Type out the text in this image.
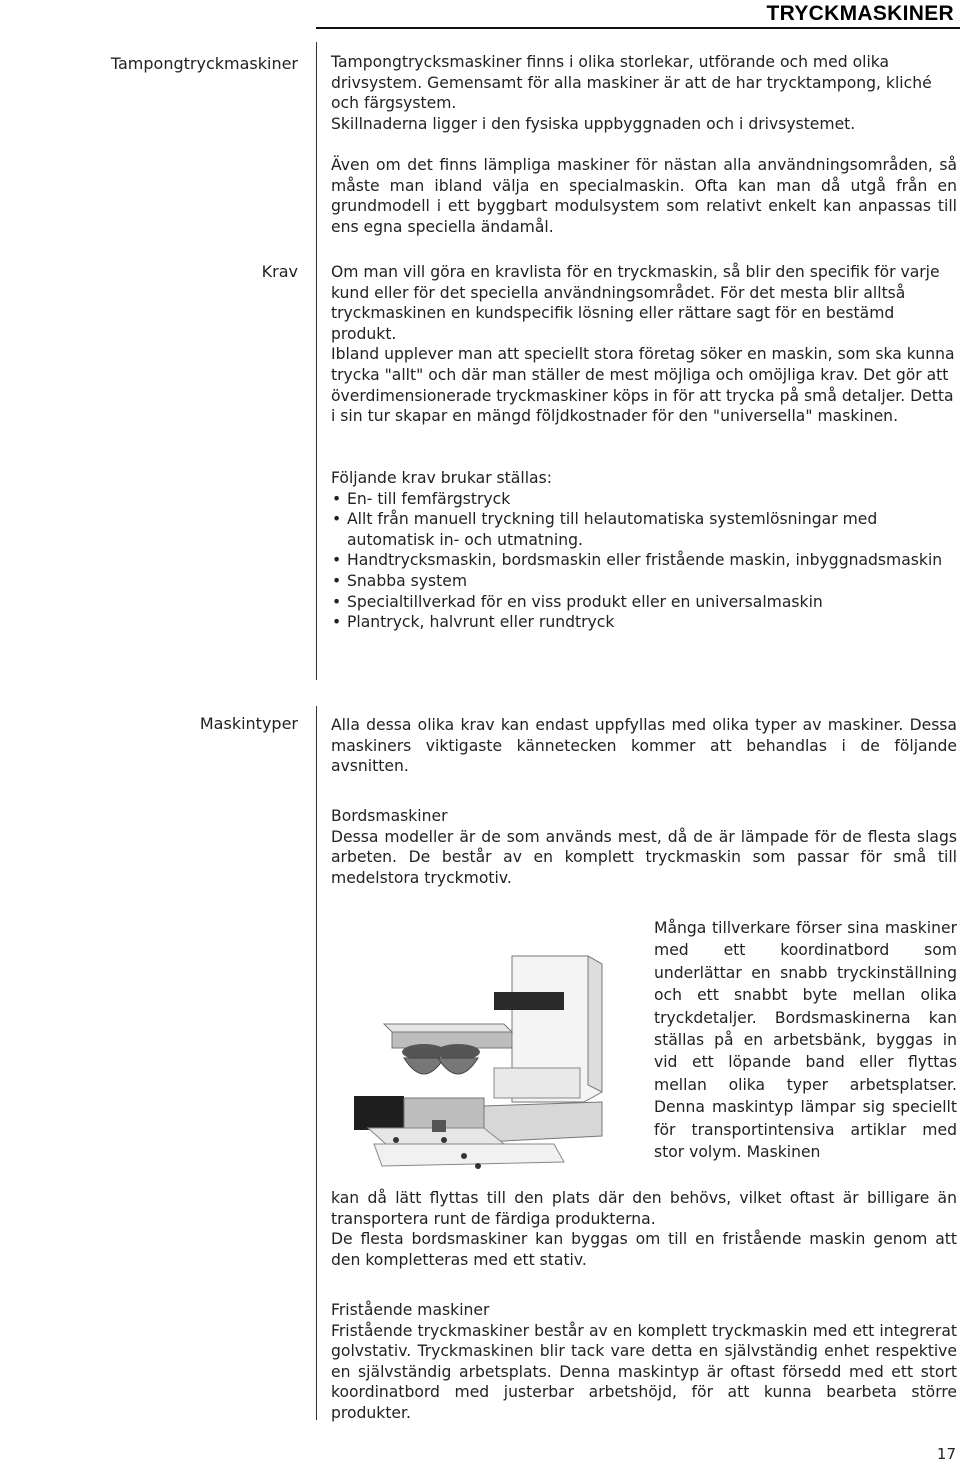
TRYCKMASKINER
Tampongtryckmaskiner Tampongtrycksmaskiner finns i olika storlekar, utförande och med olika drivsystem. Gemensamt för alla maskiner är att de har trycktampong, kliché och färgsystem.

Skillnaderna ligger i den fysiska uppbyggnaden och i drivsystemet.

Även om det finns lämpliga maskiner för nästan alla användningsområden, så måste man ibland välja en specialmaskin. Ofta kan man då utgå från en grundmodell i ett byggbart modulsystem som relativt enkelt kan anpassas till ens egna speciella ändamål.

Krav Om man vill göra en kravlista för en tryckmaskin, så blir den specifik för varje kund eller för det speciella användningsområdet. För det mesta blir alltså tryckmaskinen en kundspecifik lösning eller rättare sagt för en bestämd produkt.

Ibland upplever man att speciellt stora företag söker en maskin, som ska kunna trycka "allt" och där man ställer de mest möjliga och omöjliga krav. Det gör att överdimensionerade tryckmaskiner köps in för att trycka på små detaljer. Detta i sin tur skapar en mängd följdkostnader för den "universella" maskinen.

Följande krav brukar ställas:

• En- till femfärgstryck
• Allt från manuell tryckning till helautomatiska systemlösningar med automatisk in- och utmatning.
• Handtrycksmaskin, bordsmaskin eller fristående maskin, inbyggnadsmaskin
• Snabba system
• Specialtillverkad för en viss produkt eller en universalmaskin
• Plantryck, halvrunt eller rundtryck
Maskintyper Alla dessa olika krav kan endast uppfyllas med olika typer av maskiner. Dessa maskiners viktigaste kännetecken kommer att behandlas i de följande avsnitten.

Bordsmaskiner

Dessa modeller är de som används mest, då de är lämpade för de flesta slags arbeten. De består av en komplett tryckmaskin som passar för små till medelstora tryckmotiv.

Många tillverkare förser sina maskiner med ett koordinatbord som underlättar en snabb tryckinställning och ett snabbt byte mellan olika tryckdetaljer. Bordsmaskinerna kan ställas på en arbetsbänk, byggas in vid ett löpande band eller flyttas mellan olika typer arbetsplatser. Denna maskintyp lämpar sig speciellt för transportintensiva artiklar med stor volym. Maskinen

kan då lätt flyttas till den plats där den behövs, vilket oftast är billigare än transportera runt de färdiga produkterna.

De flesta bordsmaskiner kan byggas om till en fristående maskin genom att den kompletteras med ett stativ.

Fristående maskiner

Fristående tryckmaskiner består av en komplett tryckmaskin med ett integrerat golvstativ. Tryckmaskinen blir tack vare detta en självständig enhet respektive en självständig arbetsplats. Denna maskintyp är oftast försedd med ett stort koordinatbord med justerbar arbetshöjd, för att kunna bearbeta större produkter.

17
